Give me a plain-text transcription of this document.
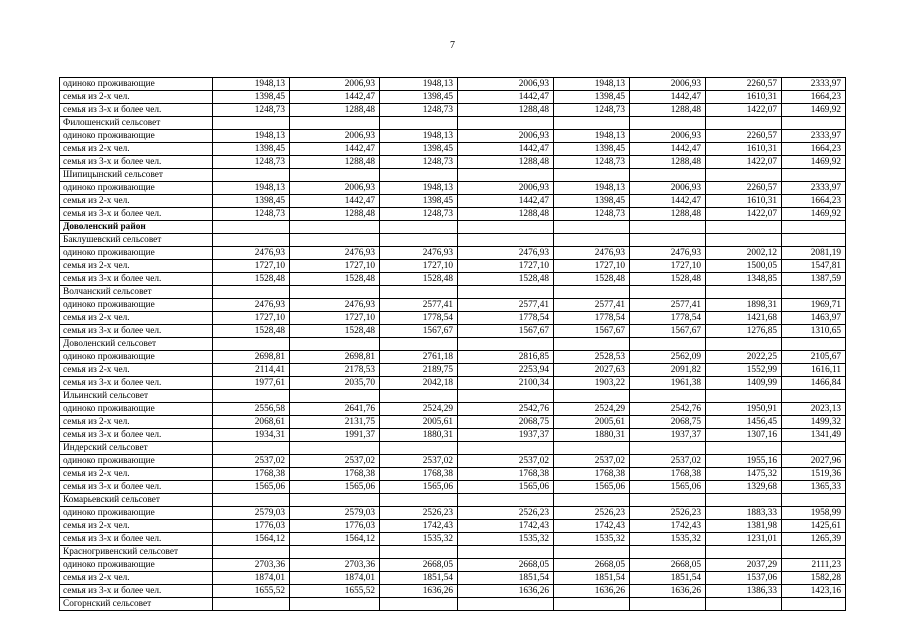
7
одиноко проживающие	1948,13	2006,93	1948,13	2006,93	1948,13	2006,93	2260,57	2333,97
семья из 2-х чел.	1398,45	1442,47	1398,45	1442,47	1398,45	1442,47	1610,31	1664,23
семья из 3-х и более чел.	1248,73	1288,48	1248,73	1288,48	1248,73	1288,48	1422,07	1469,92
Филошенский сельсовет								
одиноко проживающие	1948,13	2006,93	1948,13	2006,93	1948,13	2006,93	2260,57	2333,97
семья из 2-х чел.	1398,45	1442,47	1398,45	1442,47	1398,45	1442,47	1610,31	1664,23
семья из 3-х и более чел.	1248,73	1288,48	1248,73	1288,48	1248,73	1288,48	1422,07	1469,92
Шипицынский сельсовет								
одиноко проживающие	1948,13	2006,93	1948,13	2006,93	1948,13	2006,93	2260,57	2333,97
семья из 2-х чел.	1398,45	1442,47	1398,45	1442,47	1398,45	1442,47	1610,31	1664,23
семья из 3-х и более чел.	1248,73	1288,48	1248,73	1288,48	1248,73	1288,48	1422,07	1469,92
Доволенский район								
Баклушевский сельсовет								
одиноко проживающие	2476,93	2476,93	2476,93	2476,93	2476,93	2476,93	2002,12	2081,19
семья из 2-х чел.	1727,10	1727,10	1727,10	1727,10	1727,10	1727,10	1500,05	1547,81
семья из 3-х и более чел.	1528,48	1528,48	1528,48	1528,48	1528,48	1528,48	1348,85	1387,59
Волчанский сельсовет								
одиноко проживающие	2476,93	2476,93	2577,41	2577,41	2577,41	2577,41	1898,31	1969,71
семья из 2-х чел.	1727,10	1727,10	1778,54	1778,54	1778,54	1778,54	1421,68	1463,97
семья из 3-х и более чел.	1528,48	1528,48	1567,67	1567,67	1567,67	1567,67	1276,85	1310,65
Доволенский сельсовет								
одиноко проживающие	2698,81	2698,81	2761,18	2816,85	2528,53	2562,09	2022,25	2105,67
семья из 2-х чел.	2114,41	2178,53	2189,75	2253,94	2027,63	2091,82	1552,99	1616,11
семья из 3-х и более чел.	1977,61	2035,70	2042,18	2100,34	1903,22	1961,38	1409,99	1466,84
Ильинский сельсовет								
одиноко проживающие	2556,58	2641,76	2524,29	2542,76	2524,29	2542,76	1950,91	2023,13
семья из 2-х чел.	2068,61	2131,75	2005,61	2068,75	2005,61	2068,75	1456,45	1499,32
семья из 3-х и более чел.	1934,31	1991,37	1880,31	1937,37	1880,31	1937,37	1307,16	1341,49
Индерский сельсовет								
одиноко проживающие	2537,02	2537,02	2537,02	2537,02	2537,02	2537,02	1955,16	2027,96
семья из 2-х чел.	1768,38	1768,38	1768,38	1768,38	1768,38	1768,38	1475,32	1519,36
семья из 3-х и более чел.	1565,06	1565,06	1565,06	1565,06	1565,06	1565,06	1329,68	1365,33
Комарьевский сельсовет								
одиноко проживающие	2579,03	2579,03	2526,23	2526,23	2526,23	2526,23	1883,33	1958,99
семья из 2-х чел.	1776,03	1776,03	1742,43	1742,43	1742,43	1742,43	1381,98	1425,61
семья из 3-х и более чел.	1564,12	1564,12	1535,32	1535,32	1535,32	1535,32	1231,01	1265,39
Красногривенский сельсовет								
одиноко проживающие	2703,36	2703,36	2668,05	2668,05	2668,05	2668,05	2037,29	2111,23
семья из 2-х чел.	1874,01	1874,01	1851,54	1851,54	1851,54	1851,54	1537,06	1582,28
семья из 3-х и более чел.	1655,52	1655,52	1636,26	1636,26	1636,26	1636,26	1386,33	1423,16
Согорнский сельсовет								
